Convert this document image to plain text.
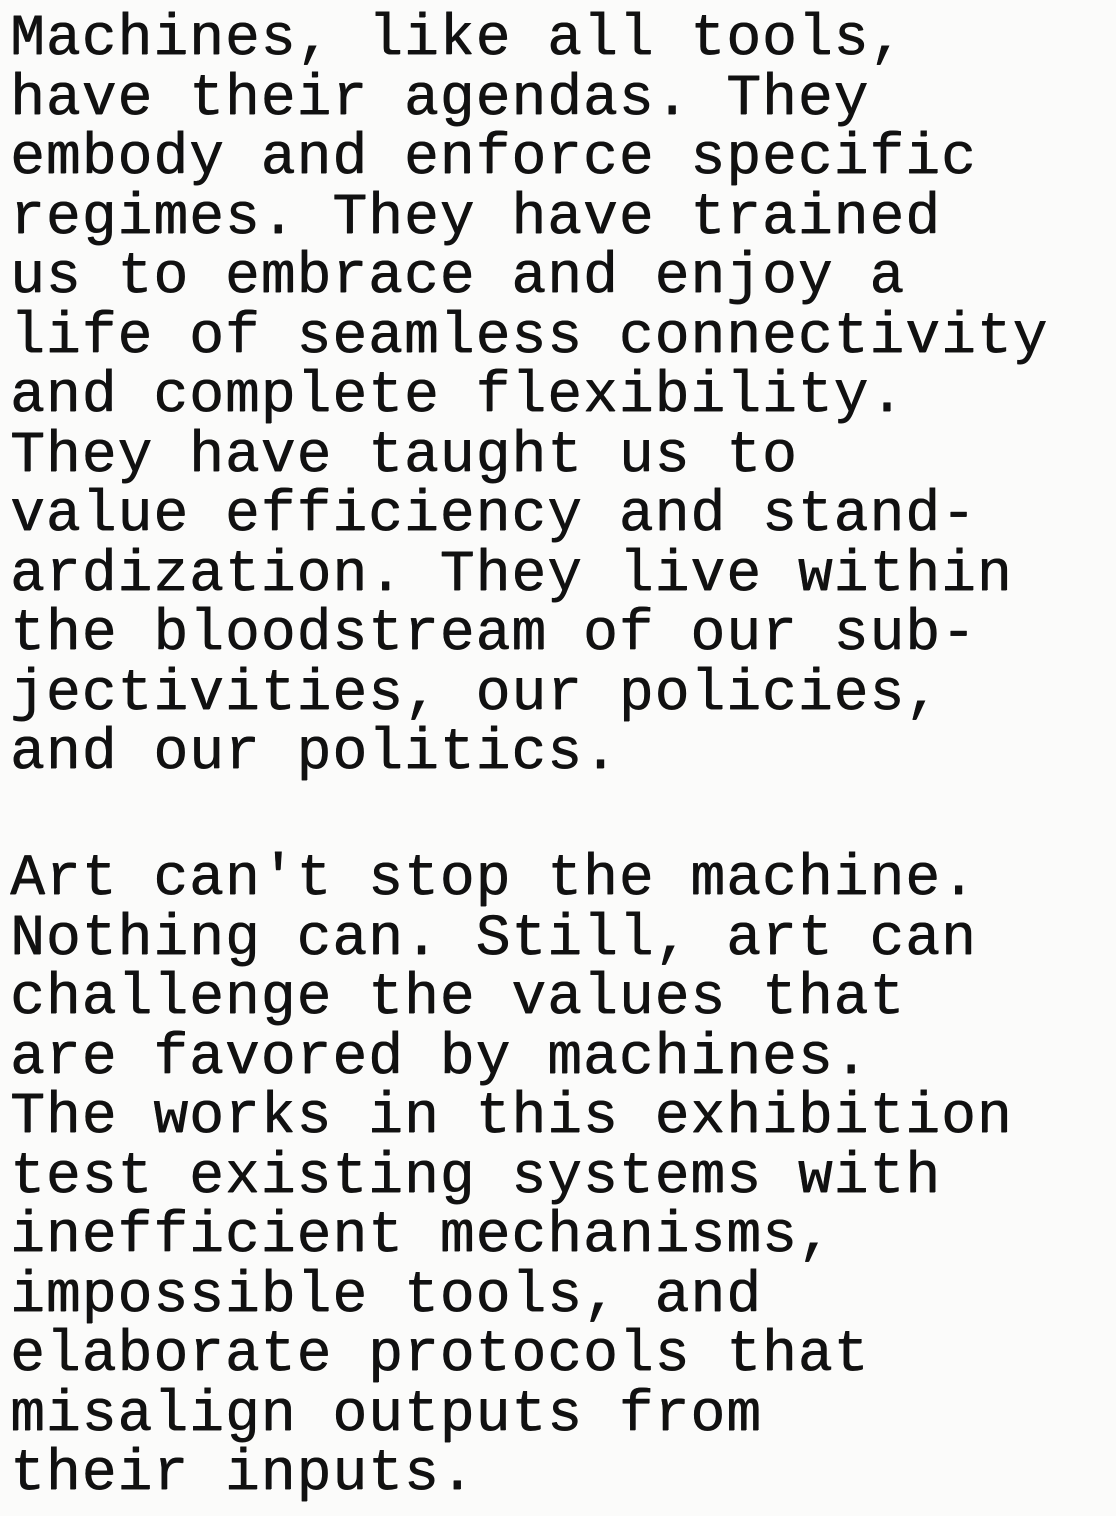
Machines, like all tools,
have their agendas. They
embody and enforce specific
regimes. They have trained
us to embrace and enjoy a
life of seamless connectivity
and complete flexibility.
They have taught us to
value efficiency and stand-
ardization. They live within
the bloodstream of our sub-
jectivities, our policies,
and our politics.
Art can't stop the machine.
Nothing can. Still, art can
challenge the values that
are favored by machines.
The works in this exhibition
test existing systems with
inefficient mechanisms,
impossible tools, and
elaborate protocols that
misalign outputs from
their inputs.
